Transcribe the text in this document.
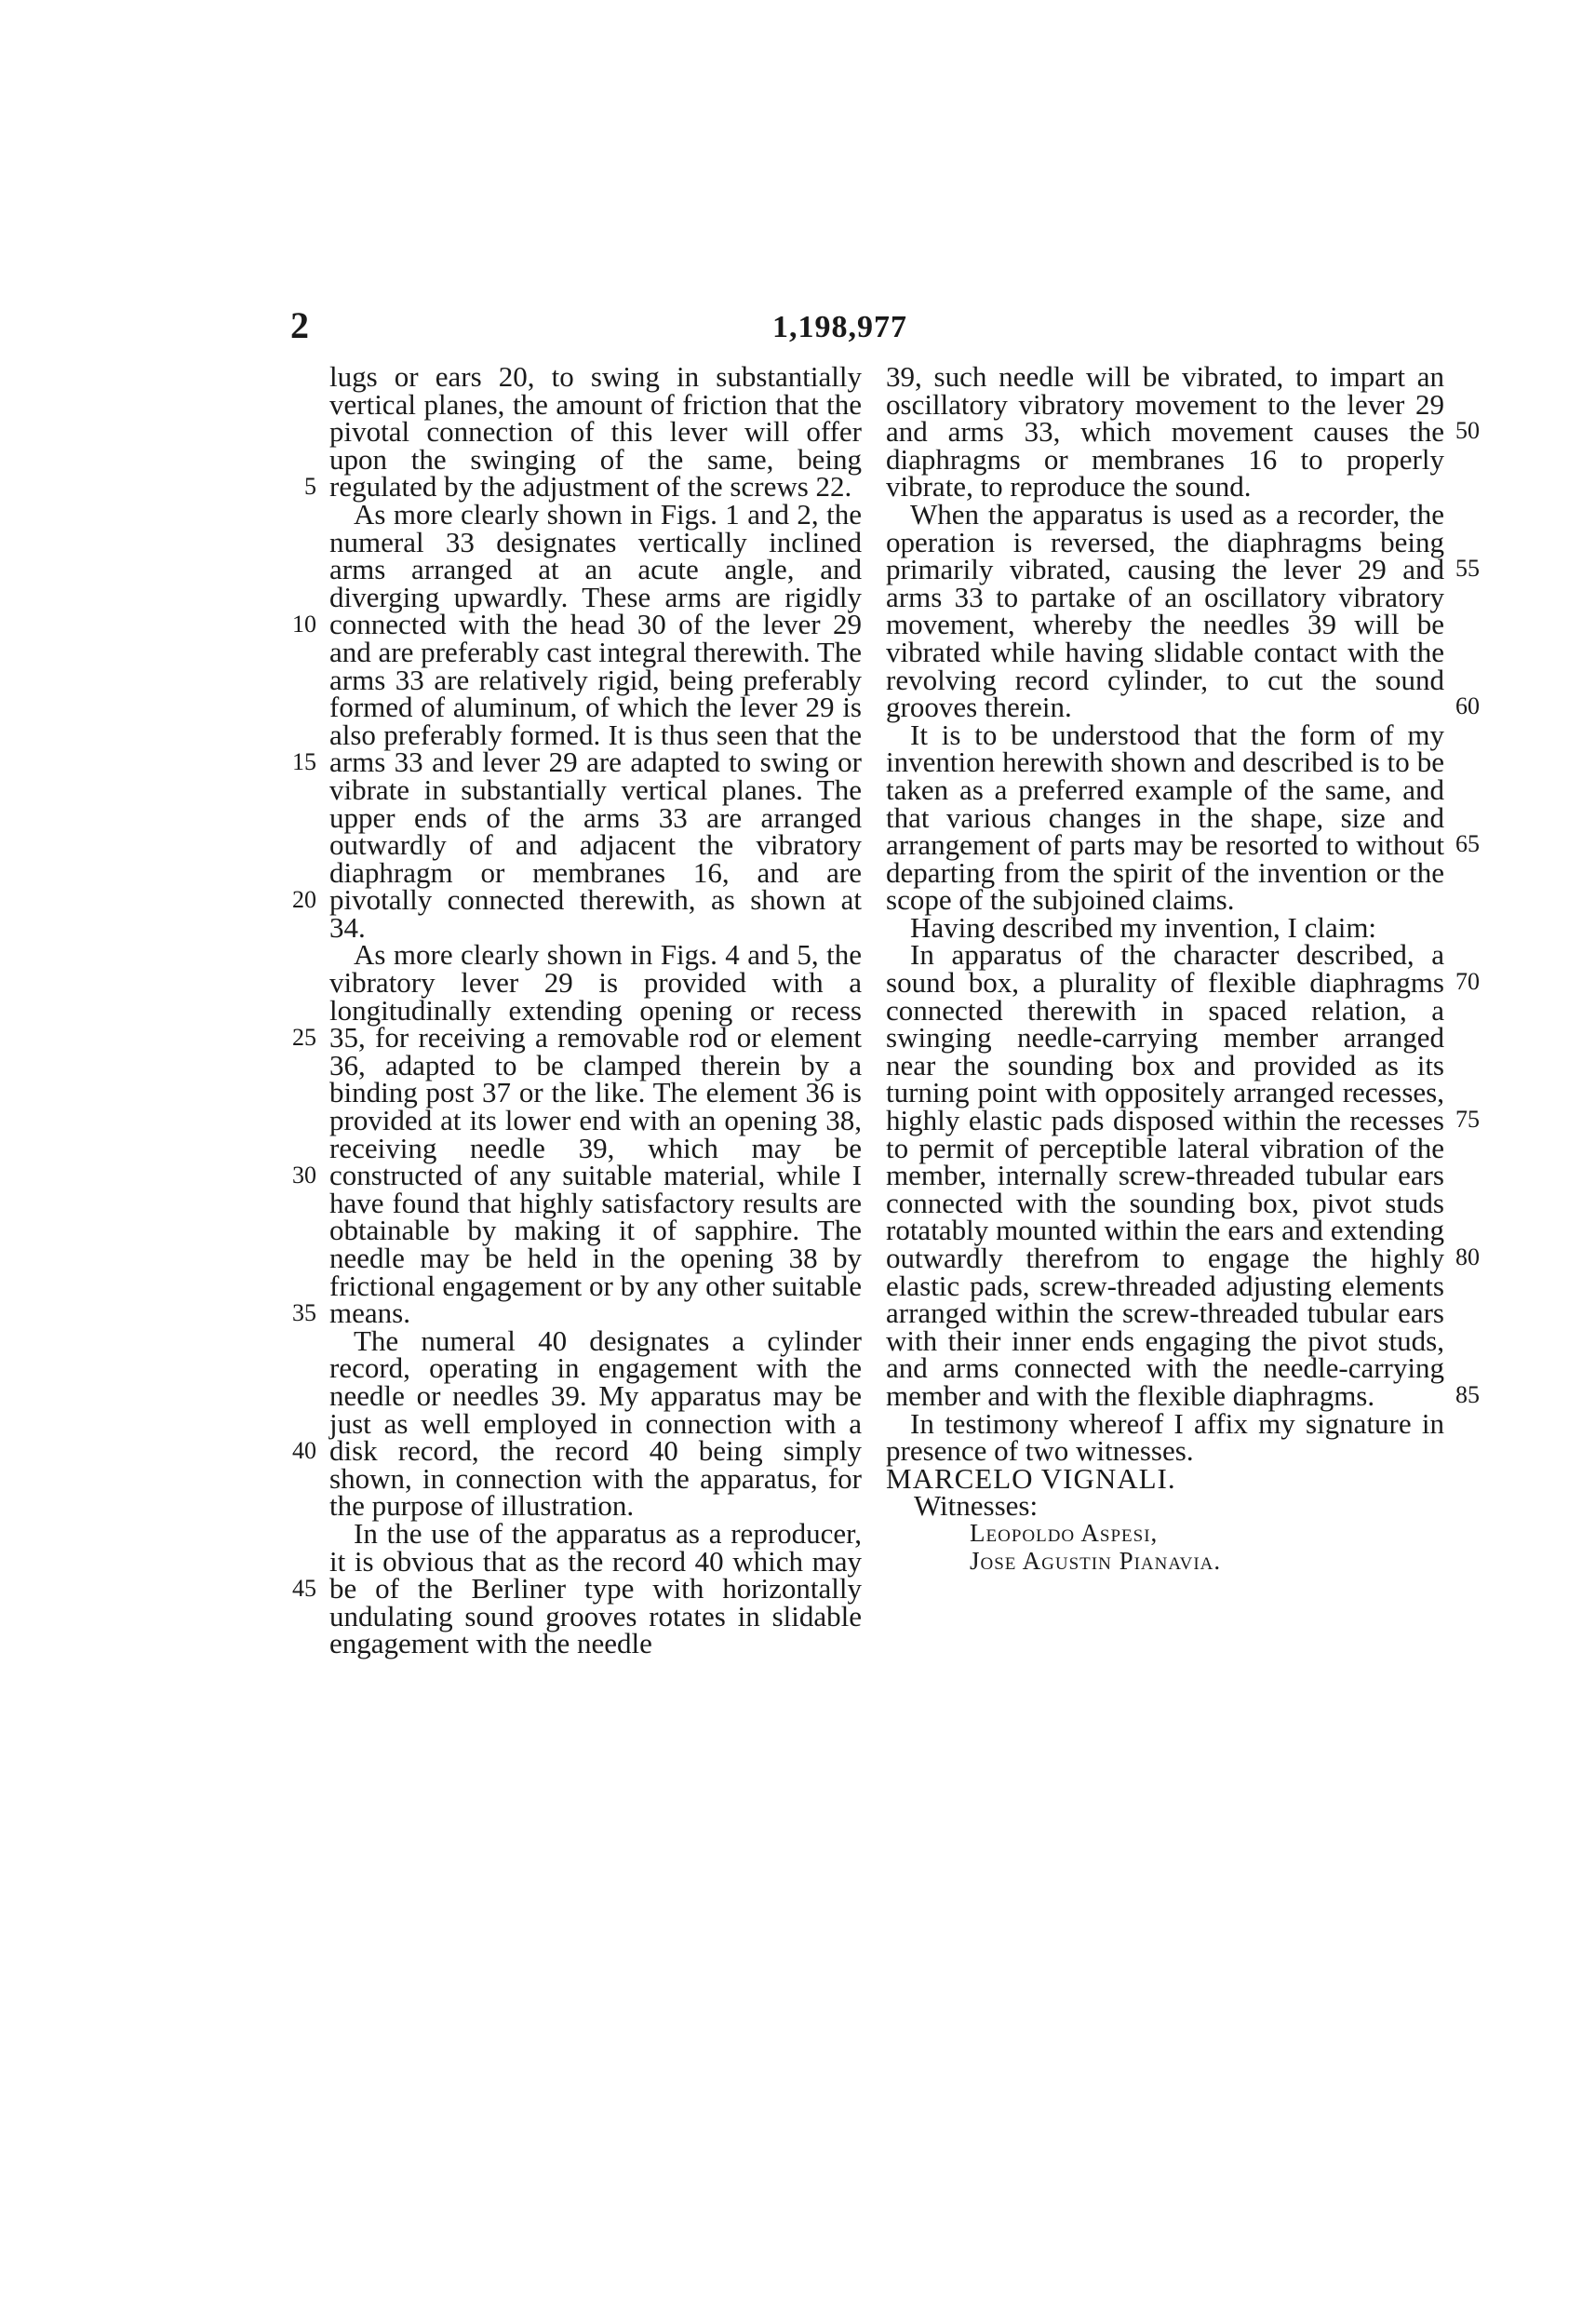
2	1,198,977
5
10
15
20
25
30
35
40
45

lugs or ears 20, to swing in substantially vertical planes, the amount of friction that the pivotal connection of this lever will offer upon the swinging of the same, being regulated by the adjustment of the screws 22.

As more clearly shown in Figs. 1 and 2, the numeral 33 designates vertically inclined arms arranged at an acute angle, and diverging upwardly. These arms are rigidly connected with the head 30 of the lever 29 and are preferably cast integral therewith. The arms 33 are relatively rigid, being preferably formed of aluminum, of which the lever 29 is also preferably formed. It is thus seen that the arms 33 and lever 29 are adapted to swing or vibrate in substantially vertical planes. The upper ends of the arms 33 are arranged outwardly of and adjacent the vibratory diaphragm or membranes 16, and are pivotally connected therewith, as shown at 34.

As more clearly shown in Figs. 4 and 5, the vibratory lever 29 is provided with a longitudinally extending opening or recess 35, for receiving a removable rod or element 36, adapted to be clamped therein by a binding post 37 or the like. The element 36 is provided at its lower end with an opening 38, receiving needle 39, which may be constructed of any suitable material, while I have found that highly satisfactory results are obtainable by making it of sapphire. The needle may be held in the opening 38 by frictional engagement or by any other suitable means.

The numeral 40 designates a cylinder record, operating in engagement with the needle or needles 39. My apparatus may be just as well employed in connection with a disk record, the record 40 being simply shown, in connection with the apparatus, for the purpose of illustration.

In the use of the apparatus as a reproducer, it is obvious that as the record 40 which may be of the Berliner type with horizontally undulating sound grooves rotates in slidable engagement with the needle

50
55
60
65
70
75
80
85

39, such needle will be vibrated, to impart an oscillatory vibratory movement to the lever 29 and arms 33, which movement causes the diaphragms or membranes 16 to properly vibrate, to reproduce the sound.

When the apparatus is used as a recorder, the operation is reversed, the diaphragms being primarily vibrated, causing the lever 29 and arms 33 to partake of an oscillatory vibratory movement, whereby the needles 39 will be vibrated while having slidable contact with the revolving record cylinder, to cut the sound grooves therein.

It is to be understood that the form of my invention herewith shown and described is to be taken as a preferred example of the same, and that various changes in the shape, size and arrangement of parts may be resorted to without departing from the spirit of the invention or the scope of the subjoined claims.

Having described my invention, I claim:

In apparatus of the character described, a sound box, a plurality of flexible diaphragms connected therewith in spaced relation, a swinging needle-carrying member arranged near the sounding box and provided as its turning point with oppositely arranged recesses, highly elastic pads disposed within the recesses to permit of perceptible lateral vibration of the member, internally screw-threaded tubular ears connected with the sounding box, pivot studs rotatably mounted within the ears and extending outwardly therefrom to engage the highly elastic pads, screw-threaded adjusting elements arranged within the screw-threaded tubular ears with their inner ends engaging the pivot studs, and arms connected with the needle-carrying member and with the flexible diaphragms.

In testimony whereof I affix my signature in presence of two witnesses.

MARCELO VIGNALI.
Witnesses:
Leopoldo Aspesi,
Jose Agustin Pianavia.
